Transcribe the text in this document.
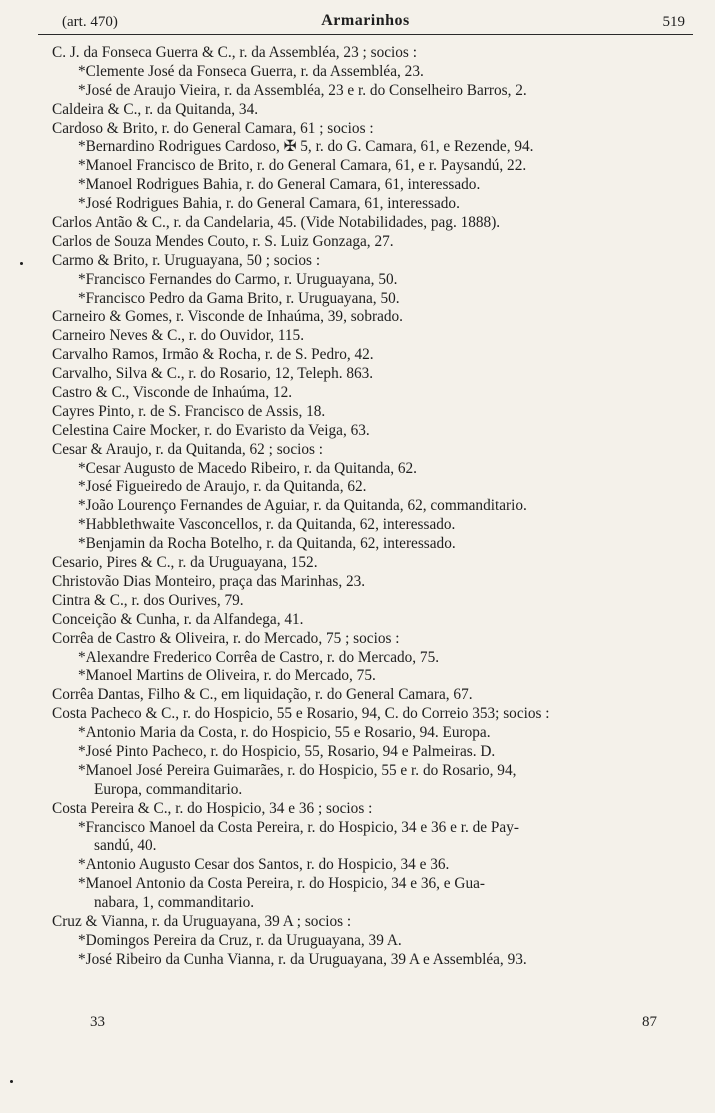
(art. 470)	Armarinhos	519
C. J. da Fonseca Guerra & C., r. da Assembléa, 23 ; socios :
*Clemente José da Fonseca Guerra, r. da Assembléa, 23.
*José de Araujo Vieira, r. da Assembléa, 23 e r. do Conselheiro Barros, 2.
Caldeira & C., r. da Quitanda, 34.
Cardoso & Brito, r. do General Camara, 61 ; socios :
*Bernardino Rodrigues Cardoso, ✠ 5, r. do G. Camara, 61, e Rezende, 94.
*Manoel Francisco de Brito, r. do General Camara, 61, e r. Paysandú, 22.
*Manoel Rodrigues Bahia, r. do General Camara, 61, interessado.
*José Rodrigues Bahia, r. do General Camara, 61, interessado.
Carlos Antão & C., r. da Candelaria, 45. (Vide Notabilidades, pag. 1888).
Carlos de Souza Mendes Couto, r. S. Luiz Gonzaga, 27.
Carmo & Brito, r. Uruguayana, 50 ; socios :
*Francisco Fernandes do Carmo, r. Uruguayana, 50.
*Francisco Pedro da Gama Brito, r. Uruguayana, 50.
Carneiro & Gomes, r. Visconde de Inhaúma, 39, sobrado.
Carneiro Neves & C., r. do Ouvidor, 115.
Carvalho Ramos, Irmão & Rocha, r. de S. Pedro, 42.
Carvalho, Silva & C., r. do Rosario, 12, Teleph. 863.
Castro & C., Visconde de Inhaúma, 12.
Cayres Pinto, r. de S. Francisco de Assis, 18.
Celestina Caire Mocker, r. do Evaristo da Veiga, 63.
Cesar & Araujo, r. da Quitanda, 62 ; socios :
*Cesar Augusto de Macedo Ribeiro, r. da Quitanda, 62.
*José Figueiredo de Araujo, r. da Quitanda, 62.
*João Lourenço Fernandes de Aguiar, r. da Quitanda, 62, commanditario.
*Habblethwaite Vasconcellos, r. da Quitanda, 62, interessado.
*Benjamin da Rocha Botelho, r. da Quitanda, 62, interessado.
Cesario, Pires & C., r. da Uruguayana, 152.
Christovão Dias Monteiro, praça das Marinhas, 23.
Cintra & C., r. dos Ourives, 79.
Conceição & Cunha, r. da Alfandega, 41.
Corrêa de Castro & Oliveira, r. do Mercado, 75 ; socios :
*Alexandre Frederico Corrêa de Castro, r. do Mercado, 75.
*Manoel Martins de Oliveira, r. do Mercado, 75.
Corrêa Dantas, Filho & C., em liquidação, r. do General Camara, 67.
Costa Pacheco & C., r. do Hospicio, 55 e Rosario, 94, C. do Correio 353; socios :
*Antonio Maria da Costa, r. do Hospicio, 55 e Rosario, 94. Europa.
*José Pinto Pacheco, r. do Hospicio, 55, Rosario, 94 e Palmeiras. D.
*Manoel José Pereira Guimarães, r. do Hospicio, 55 e r. do Rosario, 94,
Europa, commanditario.
Costa Pereira & C., r. do Hospicio, 34 e 36 ; socios :
*Francisco Manoel da Costa Pereira, r. do Hospicio, 34 e 36 e r. de Pay-
sandú, 40.
*Antonio Augusto Cesar dos Santos, r. do Hospicio, 34 e 36.
*Manoel Antonio da Costa Pereira, r. do Hospicio, 34 e 36, e Gua-
nabara, 1, commanditario.
Cruz & Vianna, r. da Uruguayana, 39 A ; socios :
*Domingos Pereira da Cruz, r. da Uruguayana, 39 A.
*José Ribeiro da Cunha Vianna, r. da Uruguayana, 39 A e Assembléa, 93.
33	87
